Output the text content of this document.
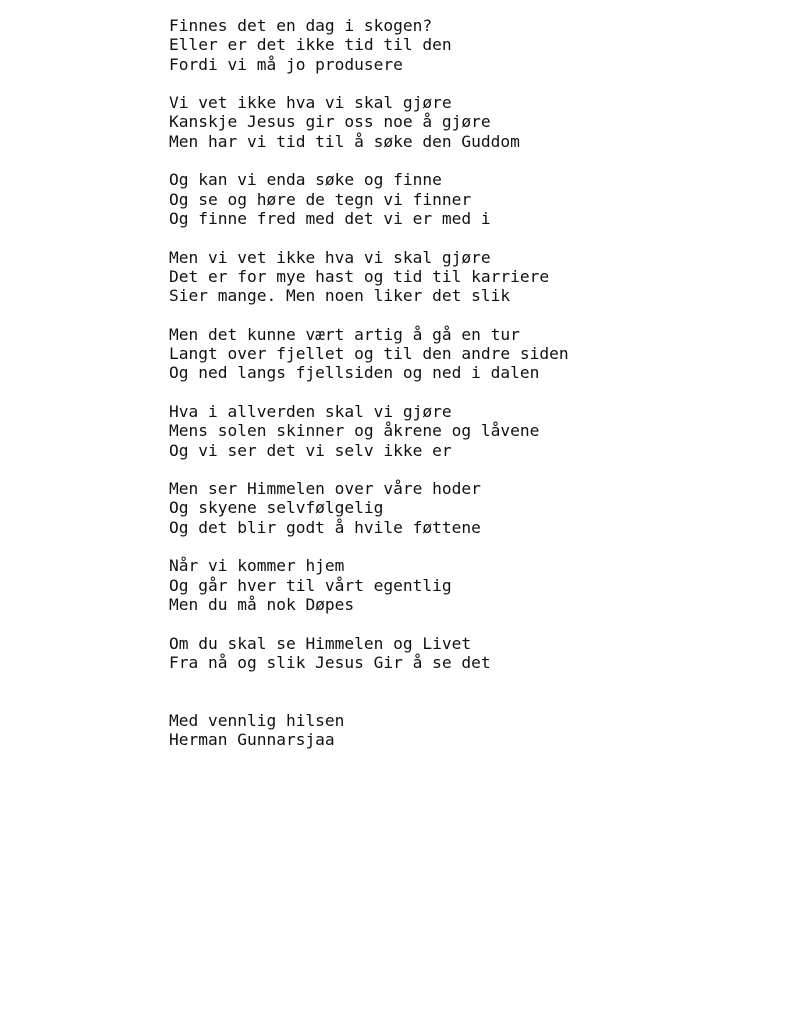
Finnes det en dag i skogen?
Eller er det ikke tid til den
Fordi vi må jo produsere
Vi vet ikke hva vi skal gjøre
Kanskje Jesus gir oss noe å gjøre
Men har vi tid til å søke den Guddom
Og kan vi enda søke og finne
Og se og høre de tegn vi finner
Og finne fred med det vi er med i
Men vi vet ikke hva vi skal gjøre
Det er for mye hast og tid til karriere
Sier mange. Men noen liker det slik
Men det kunne vært artig å gå en tur
Langt over fjellet og til den andre siden
Og ned langs fjellsiden og ned i dalen
Hva i allverden skal vi gjøre
Mens solen skinner og åkrene og låvene
Og vi ser det vi selv ikke er
Men ser Himmelen over våre hoder
Og skyene selvfølgelig
Og det blir godt å hvile føttene
Når vi kommer hjem
Og går hver til vårt egentlig
Men du må nok Døpes
Om du skal se Himmelen og Livet
Fra nå og slik Jesus Gir å se det
Med vennlig hilsen
Herman Gunnarsjaa
